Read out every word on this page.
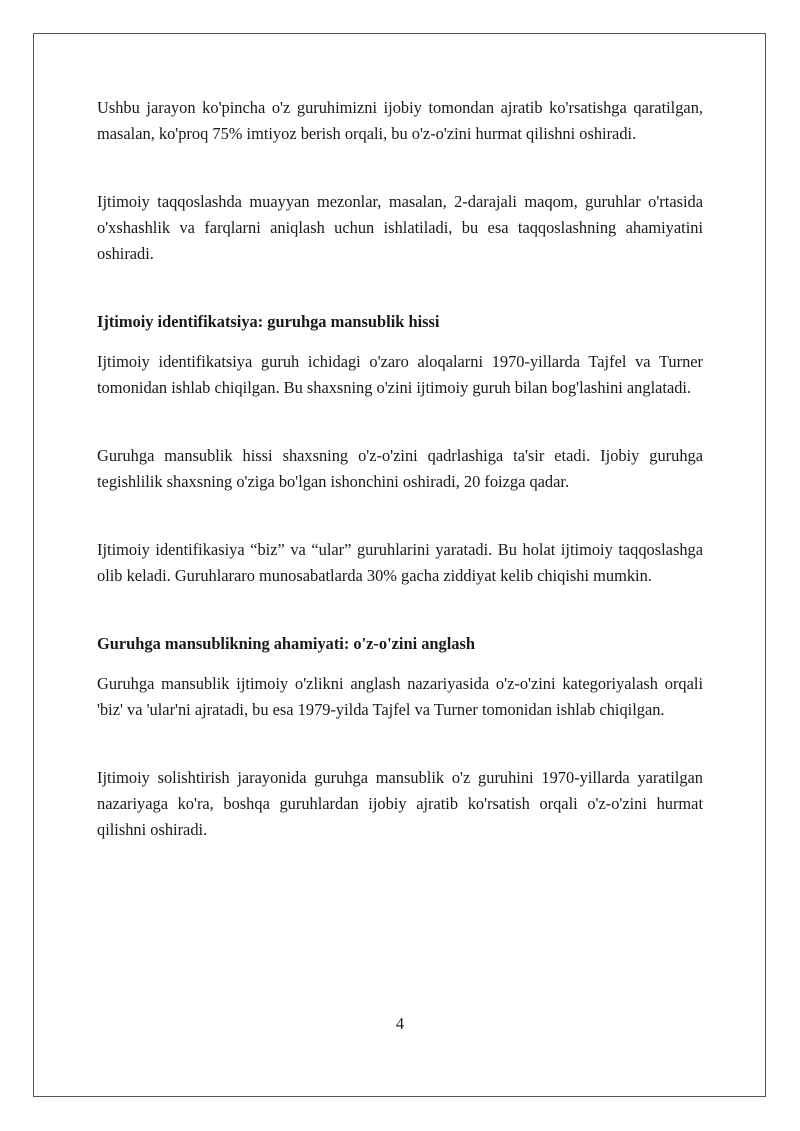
Ushbu jarayon ko'pincha o'z guruhimizni ijobiy tomondan ajratib ko'rsatishga qaratilgan, masalan, ko'proq 75% imtiyoz berish orqali, bu o'z-o'zini hurmat qilishni oshiradi.

Ijtimoiy taqqoslashda muayyan mezonlar, masalan, 2-darajali maqom, guruhlar o'rtasida o'xshashlik va farqlarni aniqlash uchun ishlatiladi, bu esa taqqoslashning ahamiyatini oshiradi.

Ijtimoiy identifikatsiya: guruhga mansublik hissi

Ijtimoiy identifikatsiya guruh ichidagi o'zaro aloqalarni 1970-yillarda Tajfel va Turner tomonidan ishlab chiqilgan. Bu shaxsning o'zini ijtimoiy guruh bilan bog'lashini anglatadi.

Guruhga mansublik hissi shaxsning o'z-o'zini qadrlashiga ta'sir etadi. Ijobiy guruhga tegishlilik shaxsning o'ziga bo'lgan ishonchini oshiradi, 20 foizga qadar.

Ijtimoiy identifikasiya “biz” va “ular” guruhlarini yaratadi. Bu holat ijtimoiy taqqoslashga olib keladi. Guruhlararo munosabatlarda 30% gacha ziddiyat kelib chiqishi mumkin.

Guruhga mansublikning ahamiyati: o'z-o'zini anglash

Guruhga mansublik ijtimoiy o'zlikni anglash nazariyasida o'z-o'zini kategoriyalash orqali 'biz' va 'ular'ni ajratadi, bu esa 1979-yilda Tajfel va Turner tomonidan ishlab chiqilgan.

Ijtimoiy solishtirish jarayonida guruhga mansublik o'z guruhini 1970-yillarda yaratilgan nazariyaga ko'ra, boshqa guruhlardan ijobiy ajratib ko'rsatish orqali o'z-o'zini hurmat qilishni oshiradi.

4
